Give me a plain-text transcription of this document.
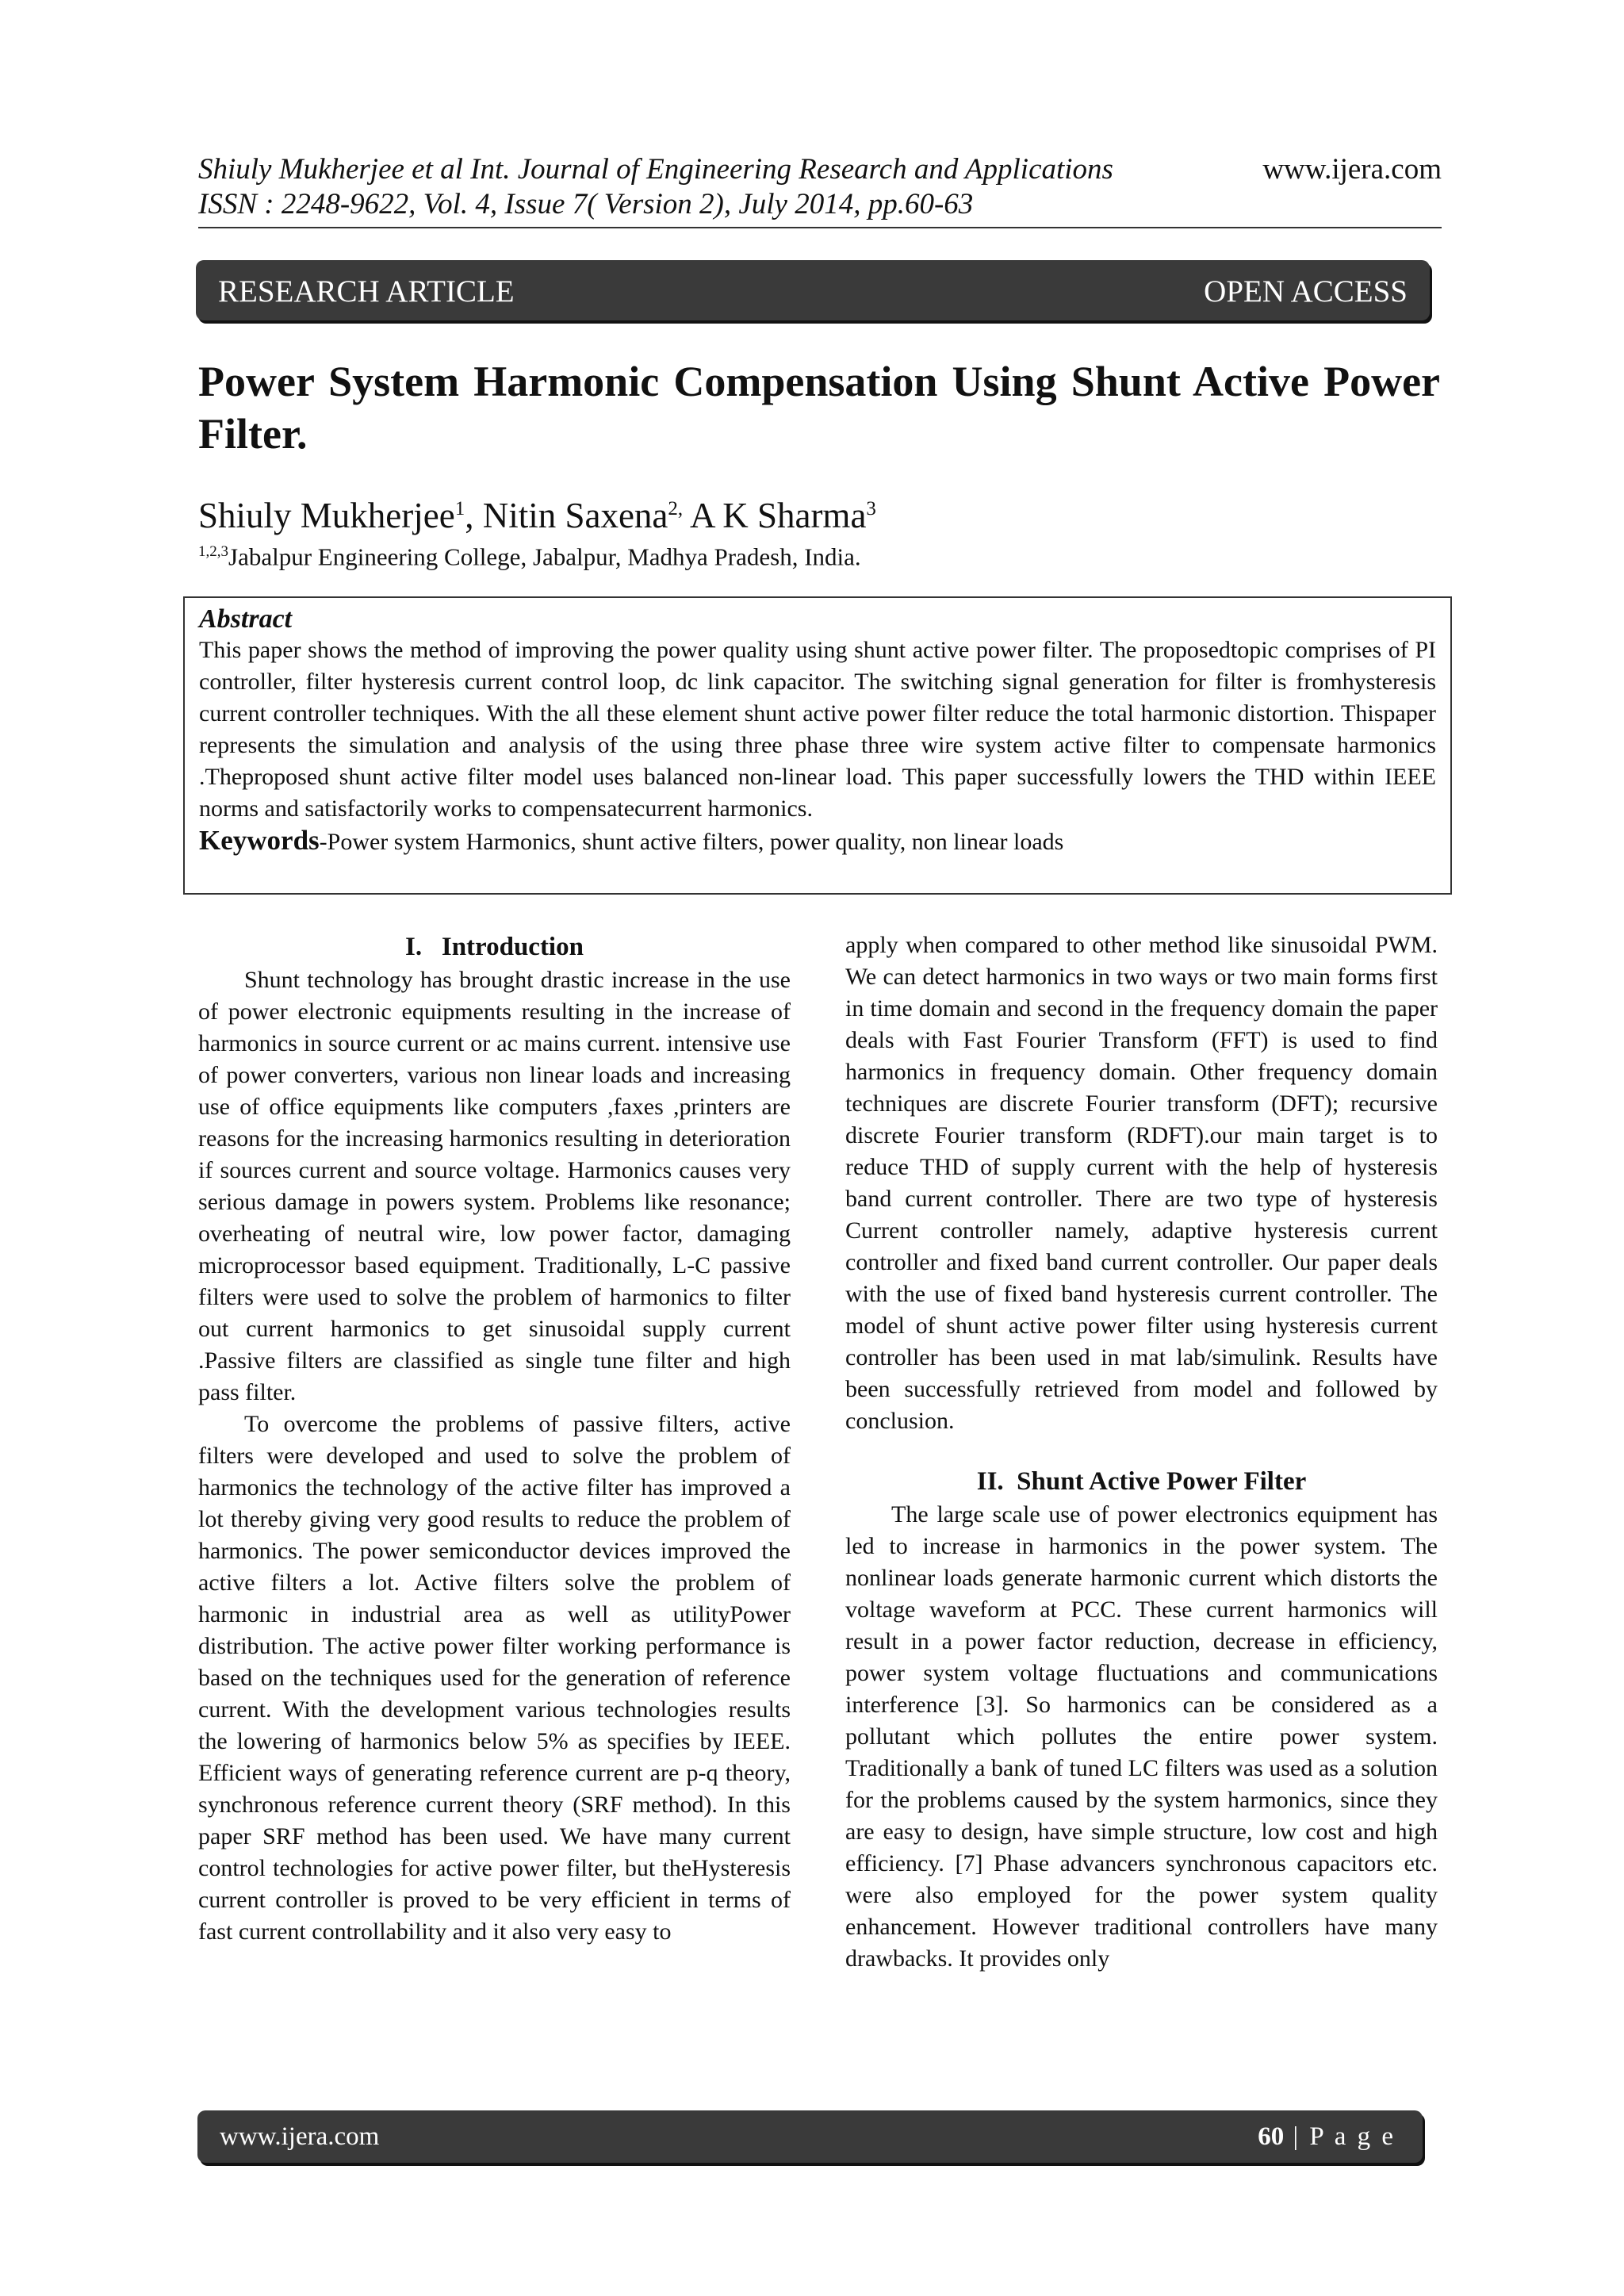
Shiuly Mukherjee et al Int. Journal of Engineering Research and Applications
ISSN : 2248-9622, Vol. 4, Issue 7( Version 2), July 2014, pp.60-63
www.ijera.com
RESEARCH ARTICLE	OPEN ACCESS
Power System Harmonic Compensation Using Shunt Active Power Filter.
Shiuly Mukherjee$^1$, Nitin Saxena$^{2,}$ A K Sharma$^3$
$^{1,2,3}$Jabalpur Engineering College, Jabalpur, Madhya Pradesh, India.
Abstract
This paper shows the method of improving the power quality using shunt active power filter. The proposedtopic comprises of PI controller, filter hysteresis current control loop, dc link capacitor. The switching signal generation for filter is fromhysteresis current controller techniques. With the all these element shunt active power filter reduce the total harmonic distortion. Thispaper represents the simulation and analysis of the using three phase three wire system active filter to compensate harmonics .Theproposed shunt active filter model uses balanced non-linear load. This paper successfully lowers the THD within IEEE norms and satisfactorily works to compensatecurrent harmonics.
Keywords-Power system Harmonics, shunt active filters, power quality, non linear loads
I.   Introduction

Shunt technology has brought drastic increase in the use of power electronic equipments resulting in the increase of harmonics in source current or ac mains current. intensive use of power converters, various non linear loads and increasing use of office equipments like computers ,faxes ,printers are reasons for the increasing harmonics resulting in deterioration if sources current and source voltage. Harmonics causes very serious damage in powers system. Problems like resonance; overheating of neutral wire, low power factor, damaging microprocessor based equipment. Traditionally, L-C passive filters were used to solve the problem of harmonics to filter out current harmonics to get sinusoidal supply current .Passive filters are classified as single tune filter and high pass filter.

To overcome the problems of passive filters, active filters were developed and used to solve the problem of harmonics the technology of the active filter has improved a lot thereby giving very good results to reduce the problem of harmonics. The power semiconductor devices improved the active filters a lot. Active filters solve the problem of harmonic in industrial area as well as utilityPower distribution. The active power filter working performance is based on the techniques used for the generation of reference current. With the development various technologies results the lowering of harmonics below 5% as specifies by IEEE. Efficient ways of generating reference current are p-q theory, synchronous reference current theory (SRF method). In this paper SRF method has been used. We have many current control technologies for active power filter, but theHysteresis current controller is proved to be very efficient in terms of fast current controllability and it also very easy to

apply when compared to other method like sinusoidal PWM. We can detect harmonics in two ways or two main forms first in time domain and second in the frequency domain the paper deals with Fast Fourier Transform (FFT) is used to find harmonics in frequency domain. Other frequency domain techniques are discrete Fourier transform (DFT); recursive discrete Fourier transform (RDFT).our main target is to reduce THD of supply current with the help of hysteresis band current controller. There are two type of hysteresis Current controller namely, adaptive hysteresis current controller and fixed band current controller. Our paper deals with the use of fixed band hysteresis current controller. The model of shunt active power filter using hysteresis current controller has been used in mat lab/simulink. Results have been successfully retrieved from model and followed by conclusion.

II.  Shunt Active Power Filter

The large scale use of power electronics equipment has led to increase in harmonics in the power system. The nonlinear loads generate harmonic current which distorts the voltage waveform at PCC. These current harmonics will result in a power factor reduction, decrease in efficiency, power system voltage fluctuations and communications interference [3]. So harmonics can be considered as a pollutant which pollutes the entire power system. Traditionally a bank of tuned LC filters was used as a solution for the problems caused by the system harmonics, since they are easy to design, have simple structure, low cost and high efficiency. [7] Phase advancers synchronous capacitors etc. were also employed for the power system quality enhancement. However traditional controllers have many drawbacks. It provides only

www.ijera.com	60 | P a g e
